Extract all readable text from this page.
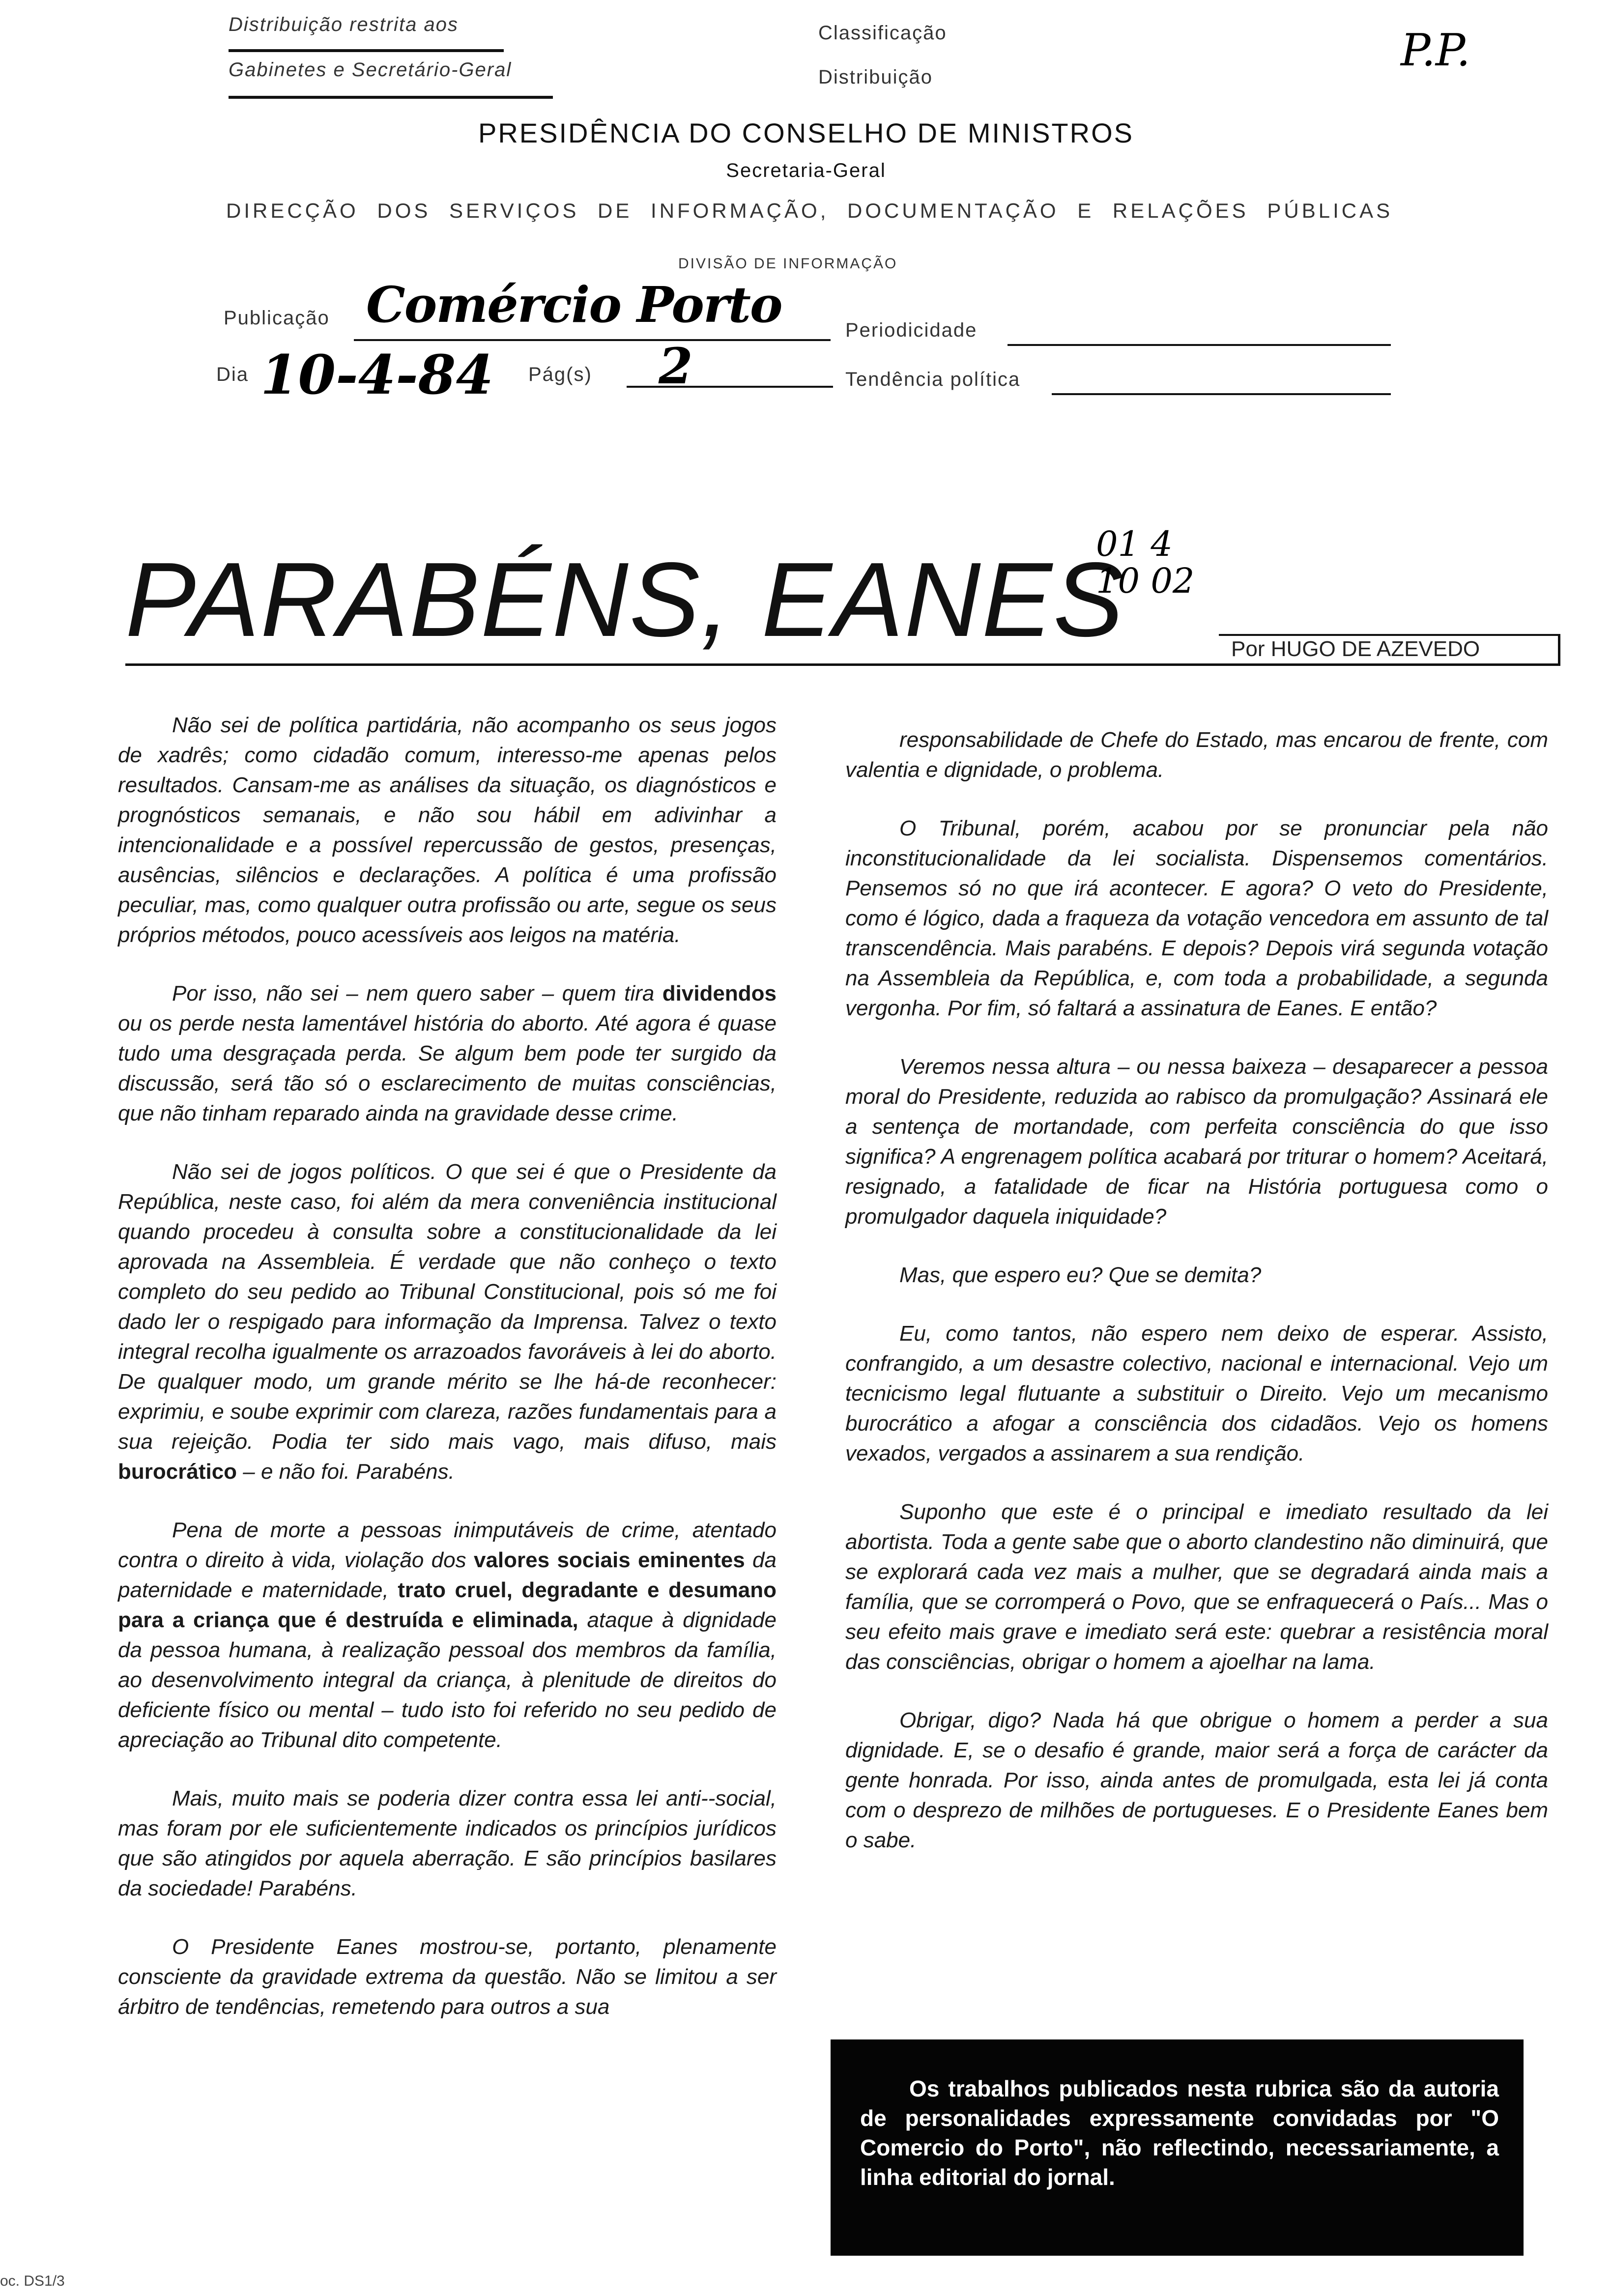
Distribuição restrita aos
Gabinetes e Secretário-Geral
Classificação
Distribuição
P.P.
PRESIDÊNCIA DO CONSELHO DE MINISTROS
Secretaria-Geral
DIRECÇÃO DOS SERVIÇOS DE INFORMAÇÃO, DOCUMENTAÇÃO E RELAÇÕES PÚBLICAS
DIVISÃO DE INFORMAÇÃO
Publicação Comércio Porto	Periodicidade
Dia 10-4-84 Pág(s) 2	Tendência política
PARABÉNS, EANES
01 4 10 02
Por HUGO DE AZEVEDO

Não sei de política partidária, não acompanho os seus jogos de xadrês; como cidadão comum, interesso-me apenas pelos resultados. Cansam-me as análises da situação, os diagnósticos e prognósticos semanais, e não sou hábil em adivinhar a intencionalidade e a possível repercussão de gestos, presenças, ausências, silêncios e declarações. A política é uma profissão peculiar, mas, como qualquer outra profissão ou arte, segue os seus próprios métodos, pouco acessíveis aos leigos na matéria.

Por isso, não sei – nem quero saber – quem tira dividendos ou os perde nesta lamentável história do aborto. Até agora é quase tudo uma desgraçada perda. Se algum bem pode ter surgido da discussão, será tão só o esclarecimento de muitas consciências, que não tinham reparado ainda na gravidade desse crime.

Não sei de jogos políticos. O que sei é que o Presidente da República, neste caso, foi além da mera conveniência institucional quando procedeu à consulta sobre a constitucionalidade da lei aprovada na Assembleia. É verdade que não conheço o texto completo do seu pedido ao Tribunal Constitucional, pois só me foi dado ler o respigado para informação da Imprensa. Talvez o texto integral recolha igualmente os arrazoados favoráveis à lei do aborto. De qualquer modo, um grande mérito se lhe há-de reconhecer: exprimiu, e soube exprimir com clareza, razões fundamentais para a sua rejeição. Podia ter sido mais vago, mais difuso, mais burocrático – e não foi. Parabéns.

Pena de morte a pessoas inimputáveis de crime, atentado contra o direito à vida, violação dos valores sociais eminentes da paternidade e maternidade, trato cruel, degradante e desumano para a criança que é destruída e eliminada, ataque à dignidade da pessoa humana, à realização pessoal dos membros da família, ao desenvolvimento integral da criança, à plenitude de direitos do deficiente físico ou mental – tudo isto foi referido no seu pedido de apreciação ao Tribunal dito competente.

Mais, muito mais se poderia dizer contra essa lei anti--social, mas foram por ele suficientemente indicados os princípios jurídicos que são atingidos por aquela aberração. E são princípios basilares da sociedade! Parabéns.

O Presidente Eanes mostrou-se, portanto, plenamente consciente da gravidade extrema da questão. Não se limitou a ser árbitro de tendências, remetendo para outros a sua

responsabilidade de Chefe do Estado, mas encarou de frente, com valentia e dignidade, o problema.

O Tribunal, porém, acabou por se pronunciar pela não inconstitucionalidade da lei socialista. Dispensemos comentários. Pensemos só no que irá acontecer. E agora? O veto do Presidente, como é lógico, dada a fraqueza da votação vencedora em assunto de tal transcendência. Mais parabéns. E depois? Depois virá segunda votação na Assembleia da República, e, com toda a probabilidade, a segunda vergonha. Por fim, só faltará a assinatura de Eanes. E então?

Veremos nessa altura – ou nessa baixeza – desaparecer a pessoa moral do Presidente, reduzida ao rabisco da promulgação? Assinará ele a sentença de mortandade, com perfeita consciência do que isso significa? A engrenagem política acabará por triturar o homem? Aceitará, resignado, a fatalidade de ficar na História portuguesa como o promulgador daquela iniquidade?

Mas, que espero eu? Que se demita?

Eu, como tantos, não espero nem deixo de esperar. Assisto, confrangido, a um desastre colectivo, nacional e internacional. Vejo um tecnicismo legal flutuante a substituir o Direito. Vejo um mecanismo burocrático a afogar a consciência dos cidadãos. Vejo os homens vexados, vergados a assinarem a sua rendição.

Suponho que este é o principal e imediato resultado da lei abortista. Toda a gente sabe que o aborto clandestino não diminuirá, que se explorará cada vez mais a mulher, que se degradará ainda mais a família, que se corromperá o Povo, que se enfraquecerá o País... Mas o seu efeito mais grave e imediato será este: quebrar a resistência moral das consciências, obrigar o homem a ajoelhar na lama.

Obrigar, digo? Nada há que obrigue o homem a perder a sua dignidade. E, se o desafio é grande, maior será a força de carácter da gente honrada. Por isso, ainda antes de promulgada, esta lei já conta com o desprezo de milhões de portugueses. E o Presidente Eanes bem o sabe.

Os trabalhos publicados nesta rubrica são da autoria de personalidades expressamente convidadas por "O Comercio do Porto", não reflectindo, necessariamente, a linha editorial do jornal.
oc. DS1/3
